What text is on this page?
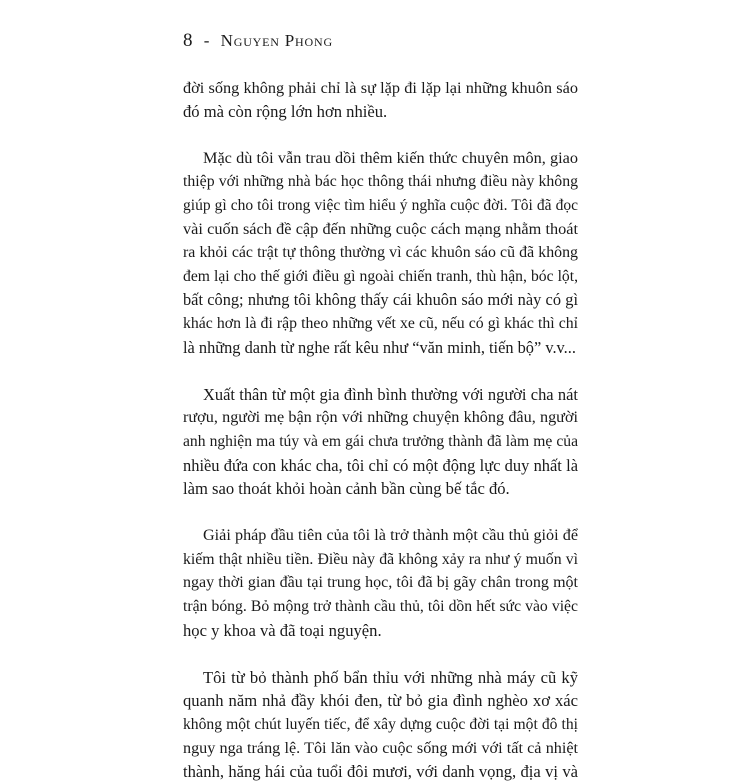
8 - Nguyen Phong

đời sống không phải chỉ là sự lặp đi lặp lại những khuôn sáo
đó mà còn rộng lớn hơn nhiều.

Mặc dù tôi vẫn trau dồi thêm kiến thức chuyên môn, giao
thiệp với những nhà bác học thông thái nhưng điều này không
giúp gì cho tôi trong việc tìm hiểu ý nghĩa cuộc đời. Tôi đã đọc
vài cuốn sách đề cập đến những cuộc cách mạng nhằm thoát
ra khỏi các trật tự thông thường vì các khuôn sáo cũ đã không
đem lại cho thế giới điều gì ngoài chiến tranh, thù hận, bóc lột,
bất công; nhưng tôi không thấy cái khuôn sáo mới này có gì
khác hơn là đi rập theo những vết xe cũ, nếu có gì khác thì chỉ
là những danh từ nghe rất kêu như “văn minh, tiến bộ” v.v...

Xuất thân từ một gia đình bình thường với người cha nát
rượu, người mẹ bận rộn với những chuyện không đâu, người
anh nghiện ma túy và em gái chưa trưởng thành đã làm mẹ của
nhiều đứa con khác cha, tôi chỉ có một động lực duy nhất là
làm sao thoát khỏi hoàn cảnh bần cùng bế tắc đó.

Giải pháp đầu tiên của tôi là trở thành một cầu thủ giỏi để
kiếm thật nhiều tiền. Điều này đã không xảy ra như ý muốn vì
ngay thời gian đầu tại trung học, tôi đã bị gãy chân trong một
trận bóng. Bỏ mộng trở thành cầu thủ, tôi dồn hết sức vào việc
học y khoa và đã toại nguyện.

Tôi từ bỏ thành phố bẩn thỉu với những nhà máy cũ kỹ
quanh năm nhả đầy khói đen, từ bỏ gia đình nghèo xơ xác
không một chút luyến tiếc, để xây dựng cuộc đời tại một đô thị
nguy nga tráng lệ. Tôi lăn vào cuộc sống mới với tất cả nhiệt
thành, hăng hái của tuổi đôi mươi, với danh vọng, địa vị và
